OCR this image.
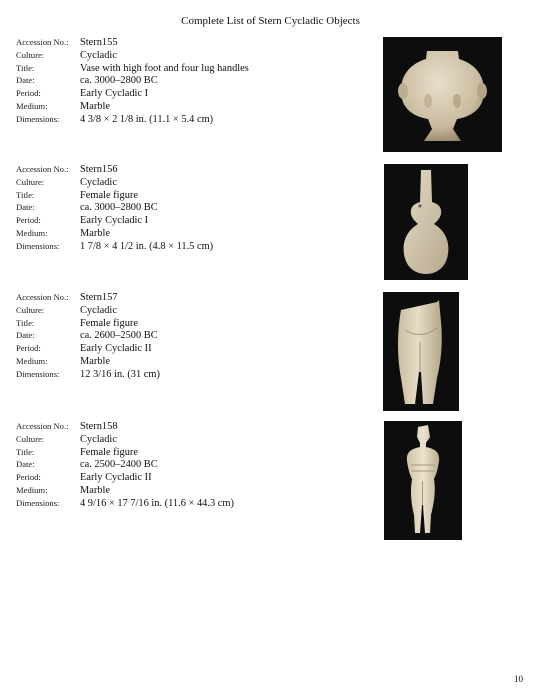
Complete List of Stern Cycladic Objects
Accession No.:	Stern155
Culture:	Cycladic
Title:	Vase with high foot and four lug handles
Date:	ca. 3000–2800 BC
Period:	Early Cycladic I
Medium:	Marble
Dimensions:	4 3/8 × 2 1/8 in. (11.1 × 5.4 cm)
Accession No.:	Stern156
Culture:	Cycladic
Title:	Female figure
Date:	ca. 3000–2800 BC
Period:	Early Cycladic I
Medium:	Marble
Dimensions:	1 7/8 × 4 1/2 in. (4.8 × 11.5 cm)
Accession No.:	Stern157
Culture:	Cycladic
Title:	Female figure
Date:	ca. 2600–2500 BC
Period:	Early Cycladic II
Medium:	Marble
Dimensions:	12 3/16 in. (31 cm)
Accession No.:	Stern158
Culture:	Cycladic
Title:	Female figure
Date:	ca. 2500–2400 BC
Period:	Early Cycladic II
Medium:	Marble
Dimensions:	4 9/16 × 17 7/16 in. (11.6 × 44.3 cm)
10
